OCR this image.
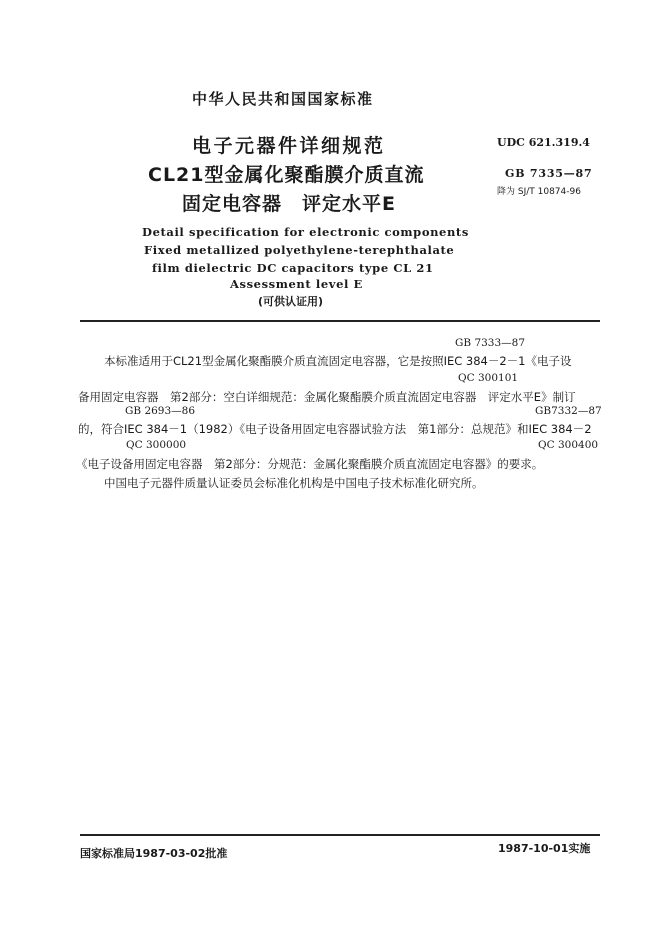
中华人民共和国国家标准
电子元器件详细规范
CL21型金属化聚酯膜介质直流
固定电容器　评定水平E
UDC 621.319.4
GB 7335—87
降为 SJ/T 10874-96
Detail specification for electronic components
Fixed metallized polyethylene-terephthalate
film dielectric DC capacitors type CL 21
Assessment level E
(可供认证用)
GB 7333—87
本标准适用于CL21型金属化聚酯膜介质直流固定电容器，它是按照IEC 384－2－1《电子设
QC 300101
备用固定电容器　第2部分：空白详细规范：金属化聚酯膜介质直流固定电容器　评定水平E》制订
GB 2693—86	GB7332—87
的，符合IEC 384－1（1982）《电子设备用固定电容器试验方法　第1部分：总规范》和IEC 384－2
QC 300000	QC 300400
《电子设备用固定电容器　第2部分：分规范：金属化聚酯膜介质直流固定电容器》的要求。
中国电子元器件质量认证委员会标准化机构是中国电子技术标准化研究所。
国家标准局1987-03-02批准	1987-10-01实施
